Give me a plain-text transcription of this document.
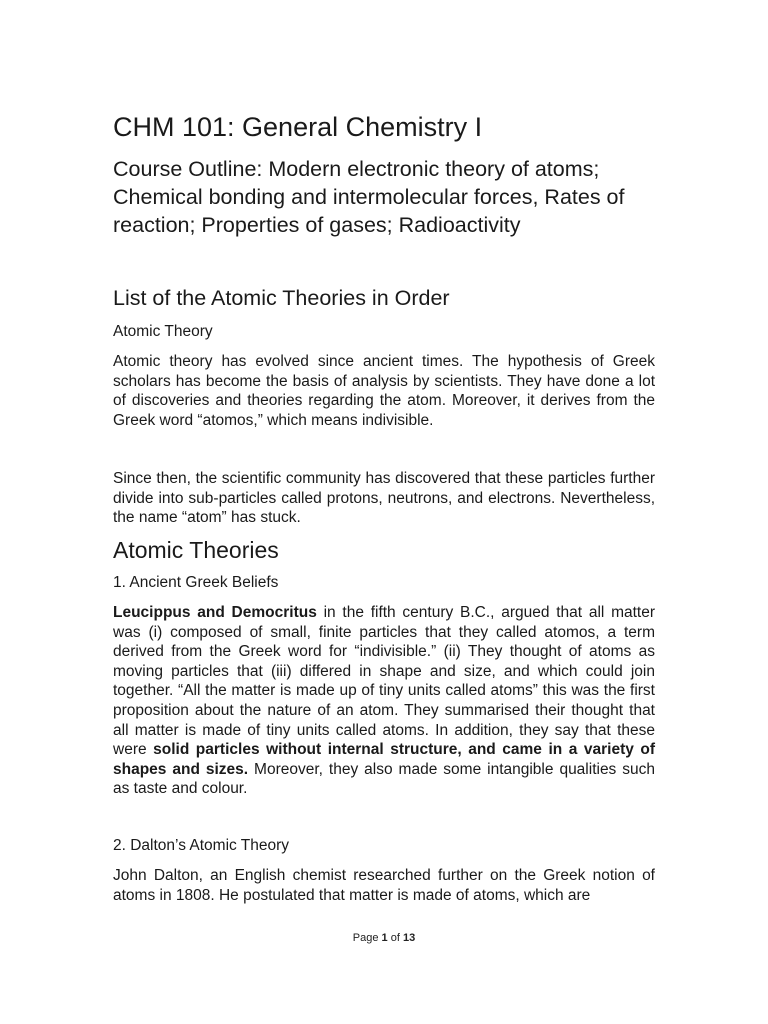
CHM 101: General Chemistry I

Course Outline: Modern electronic theory of atoms; Chemical bonding and intermolecular forces, Rates of reaction; Properties of gases; Radioactivity

List of the Atomic Theories in Order

Atomic Theory

Atomic theory has evolved since ancient times. The hypothesis of Greek scholars has become the basis of analysis by scientists. They have done a lot of discoveries and theories regarding the atom. Moreover, it derives from the Greek word “atomos,” which means indivisible.

Since then, the scientific community has discovered that these particles further divide into sub-particles called protons, neutrons, and electrons. Nevertheless, the name “atom” has stuck.

Atomic Theories

1. Ancient Greek Beliefs

Leucippus and Democritus in the fifth century B.C., argued that all matter was (i) composed of small, finite particles that they called atomos, a term derived from the Greek word for “indivisible.” (ii) They thought of atoms as moving particles that (iii) differed in shape and size, and which could join together. “All the matter is made up of tiny units called atoms” this was the first proposition about the nature of an atom. They summarised their thought that all matter is made of tiny units called atoms. In addition, they say that these were solid particles without internal structure, and came in a variety of shapes and sizes. Moreover, they also made some intangible qualities such as taste and colour.

2. Dalton’s Atomic Theory

John Dalton, an English chemist researched further on the Greek notion of atoms in 1808. He postulated that matter is made of atoms, which are

Page 1 of 13
